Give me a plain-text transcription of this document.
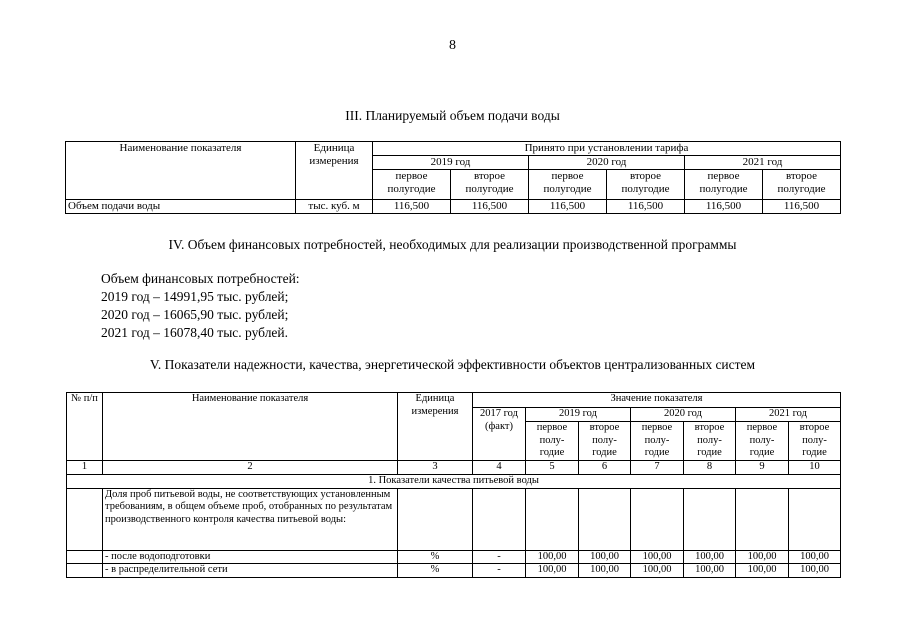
8
III. Планируемый объем подачи воды
Наименование показателя	Единица измерения	Принято при установлении тарифа					
		2019 год		2020 год		2021 год	
		первое полугодие	второе полугодие	первое полугодие	второе полугодие	первое полугодие	второе полугодие
Объем подачи воды	тыс. куб. м	116,500	116,500	116,500	116,500	116,500	116,500
IV. Объем финансовых потребностей, необходимых для реализации производственной программы
Объем финансовых потребностей:
2019 год – 14991,95 тыс. рублей;
2020 год – 16065,90 тыс. рублей;
2021 год – 16078,40 тыс. рублей.
V. Показатели надежности, качества, энергетической эффективности объектов централизованных систем
№ п/п	Наименование показателя	Единица измерения	Значение показателя						
			2017 год (факт)	2019 год		2020 год		2021 год	
				первое полу-годие	второе полу-годие	первое полу-годие	второе полу-годие	первое полу-годие	второе полу-годие
1	2	3	4	5	6	7	8	9	10
1. Показатели качества питьевой воды									
	Доля проб питьевой воды, не соответствующих установленным требованиям, в общем объеме проб, отобранных по результатам производственного контроля качества питьевой воды:								
	- после водоподготовки	%	-	100,00	100,00	100,00	100,00	100,00	100,00
	- в распределительной сети	%	-	100,00	100,00	100,00	100,00	100,00	100,00
